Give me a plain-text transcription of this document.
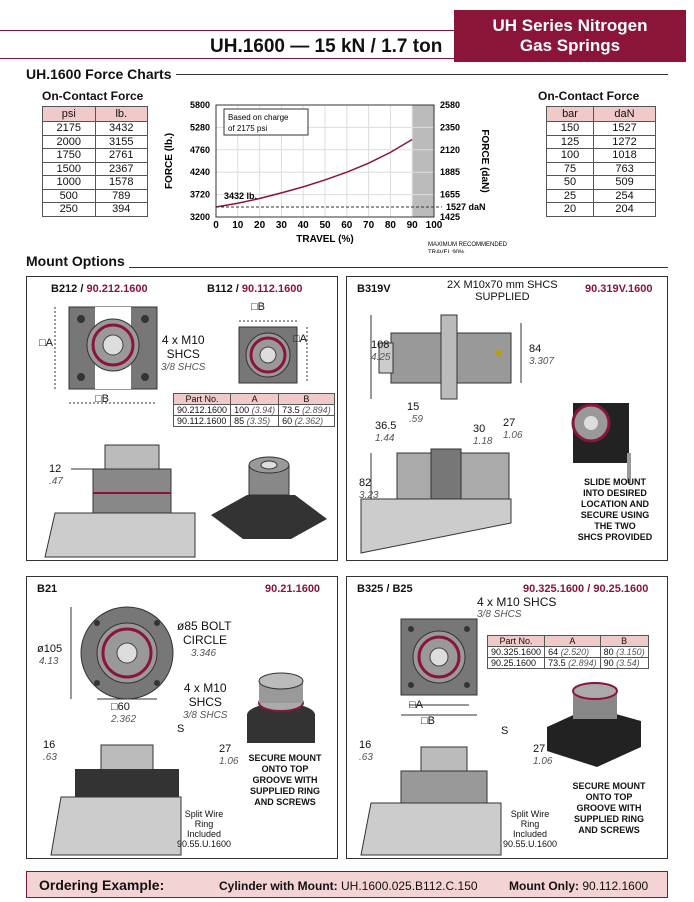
UH Series Nitrogen
Gas Springs
UH.1600 — 15 kN / 1.7 ton
UH.1600 Force Charts
On-Contact Force
psi	lb.
2175	3432
2000	3155
1750	2761
1500	2367
1000	1578
500	789
250	394
On-Contact Force
bar	daN
150	1527
125	1272
100	1018
75	763
50	509
25	254
20	204
0 10 20 30 40 50 60 70 80 90 100
3200
3720
4240
4760
5280
5800
1425
1655
1885
2120
2350
2580
Based on charge
of 2175 psi
3432 lb.
1527 daN
MAXIMUM RECOMMENDED
TRAVEL 90%
TRAVEL (%)
FORCE (lb.)	FORCE (daN)
Mount Options
B212 / 90.212.1600	B112 / 90.112.1600
□A
□B
□B
□A
4 x M10
SHCS
3/8 SHCS
Part No.	A	B
90.212.1600	100 (3.94)	73.5 (2.894)
90.112.1600	85 (3.35)	60 (2.362)
12
.47
B319V	90.319V.1600
2X M10x70 mm SHCS
SUPPLIED
108
4.25
84
3.307
15
.59
36.5
1.44
30
1.18
27
1.06
82
3.23
SLIDE MOUNT
INTO DESIRED
LOCATION AND
SECURE USING
THE TWO
SHCS PROVIDED
B21	90.21.1600
ø105
4.13
ø85 BOLT
CIRCLE
3.346
4 x M10
SHCS
3/8 SHCS
□60
2.362
S
16
.63
27
1.06	SECURE MOUNT
ONTO TOP
GROOVE WITH
SUPPLIED RING
AND SCREWS
Split Wire
Ring
Included
90.55.U.1600
B325 / B25	90.325.1600 / 90.25.1600
4 x M10 SHCS
3/8 SHCS
Part No.	A	B
90.325.1600	64 (2.520)	80 (3.150)
90.25.1600	73.5 (2.894)	90 (3.54)
□A
□B
S
16
.63
27
1.06
SECURE MOUNT
ONTO TOP
GROOVE WITH
SUPPLIED RING
AND SCREWS
Split Wire
Ring
Included
90.55.U.1600
Ordering Example:	Cylinder with Mount: UH.1600.025.B112.C.150	Mount Only: 90.112.1600
